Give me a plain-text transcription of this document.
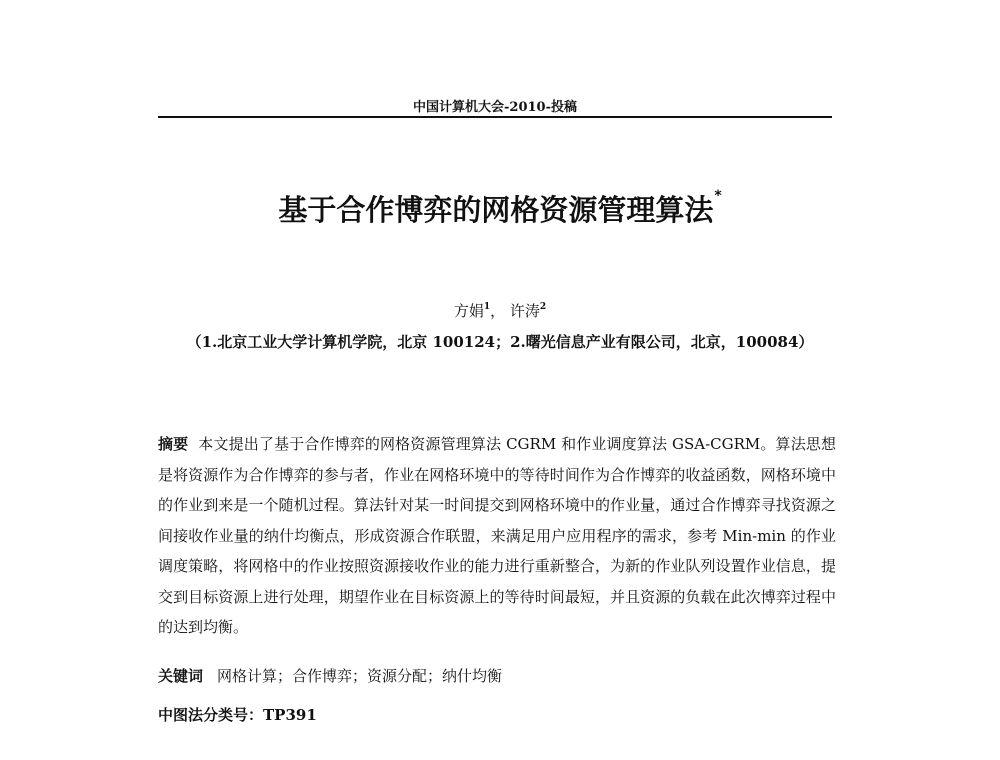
中国计算机大会-2010-投稿
基于合作博弈的网格资源管理算法*
方娟$^1$， 许涛$^2$
（1.北京工业大学计算机学院，北京 100124；2.曙光信息产业有限公司，北京，100084）
摘要 本文提出了基于合作博弈的网格资源管理算法 CGRM 和作业调度算法 GSA-CGRM。算法思想是将资源作为合作博弈的参与者，作业在网格环境中的等待时间作为合作博弈的收益函数，网格环境中的作业到来是一个随机过程。算法针对某一时间提交到网格环境中的作业量，通过合作博弈寻找资源之间接收作业量的纳什均衡点，形成资源合作联盟，来满足用户应用程序的需求，参考 Min-min 的作业调度策略，将网格中的作业按照资源接收作业的能力进行重新整合，为新的作业队列设置作业信息，提交到目标资源上进行处理，期望作业在目标资源上的等待时间最短，并且资源的负载在此次博弈过程中的达到均衡。
关键词 网格计算；合作博弈；资源分配；纳什均衡
中图法分类号：TP391
